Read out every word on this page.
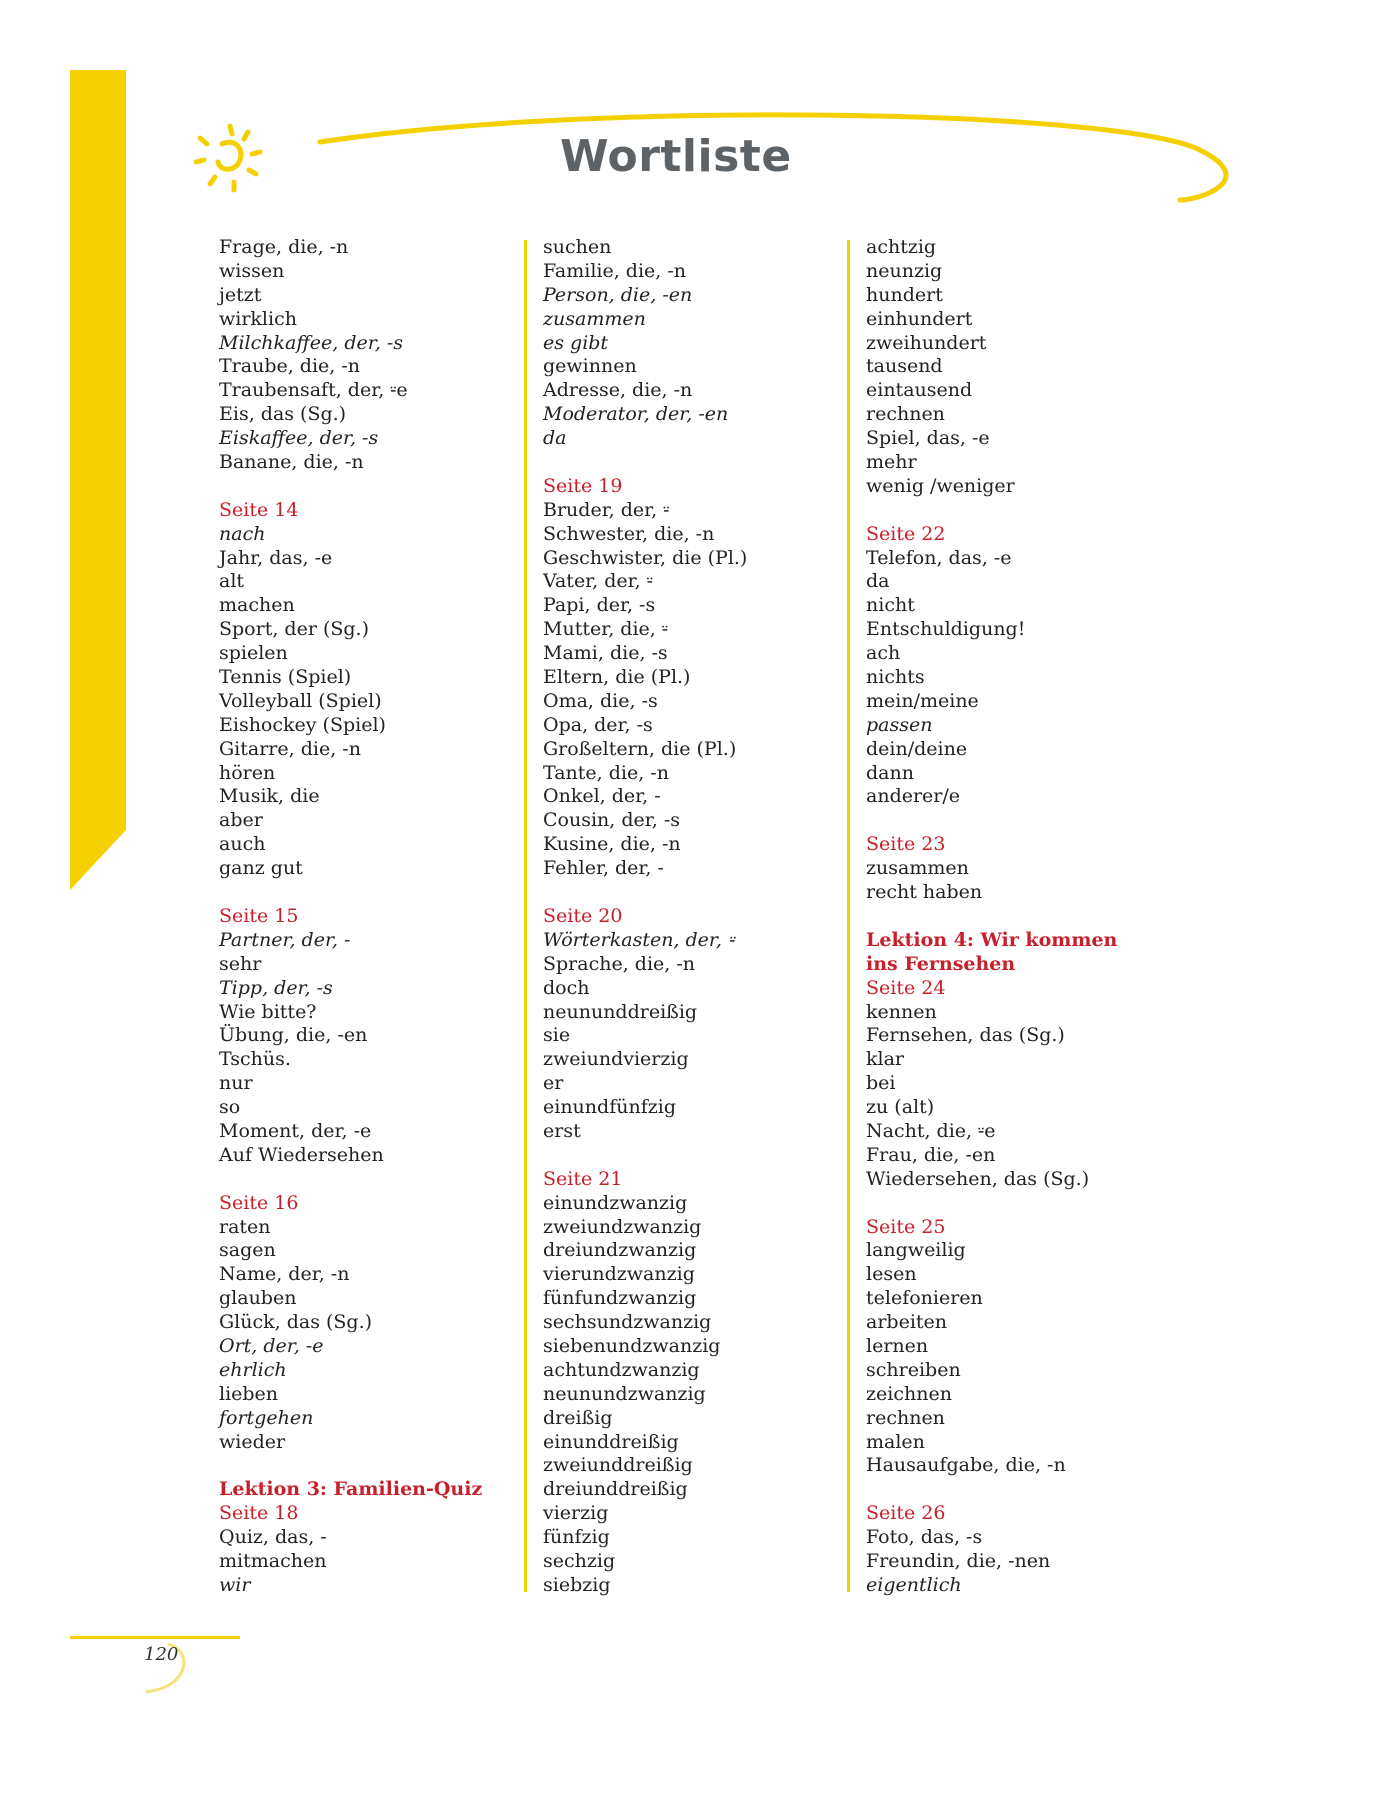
Wortliste
Frage, die, -n
wissen
jetzt
wirklich
Milchkaffee, der, -s
Traube, die, -n
Traubensaft, der, ⸚e
Eis, das (Sg.)
Eiskaffee, der, -s
Banane, die, -n
Seite 14
nach
Jahr, das, -e
alt
machen
Sport, der (Sg.)
spielen
Tennis (Spiel)
Volleyball (Spiel)
Eishockey (Spiel)
Gitarre, die, -n
hören
Musik, die
aber
auch
ganz gut
Seite 15
Partner, der, -
sehr
Tipp, der, -s
Wie bitte?
Übung, die, -en
Tschüs.
nur
so
Moment, der, -e
Auf Wiedersehen
Seite 16
raten
sagen
Name, der, -n
glauben
Glück, das (Sg.)
Ort, der, -e
ehrlich
lieben
fortgehen
wieder
Lektion 3: Familien-Quiz
Seite 18
Quiz, das, -
mitmachen
wir
suchen
Familie, die, -n
Person, die, -en
zusammen
es gibt
gewinnen
Adresse, die, -n
Moderator, der, -en
da
Seite 19
Bruder, der, ⸚
Schwester, die, -n
Geschwister, die (Pl.)
Vater, der, ⸚
Papi, der, -s
Mutter, die, ⸚
Mami, die, -s
Eltern, die (Pl.)
Oma, die, -s
Opa, der, -s
Großeltern, die (Pl.)
Tante, die, -n
Onkel, der, -
Cousin, der, -s
Kusine, die, -n
Fehler, der, -
Seite 20
Wörterkasten, der, ⸚
Sprache, die, -n
doch
neununddreißig
sie
zweiundvierzig
er
einundfünfzig
erst
Seite 21
einundzwanzig
zweiundzwanzig
dreiundzwanzig
vierundzwanzig
fünfundzwanzig
sechsundzwanzig
siebenundzwanzig
achtundzwanzig
neunundzwanzig
dreißig
einunddreißig
zweiunddreißig
dreiunddreißig
vierzig
fünfzig
sechzig
siebzig
achtzig
neunzig
hundert
einhundert
zweihundert
tausend
eintausend
rechnen
Spiel, das, -e
mehr
wenig /weniger
Seite 22
Telefon, das, -e
da
nicht
Entschuldigung!
ach
nichts
mein/meine
passen
dein/deine
dann
anderer/e
Seite 23
zusammen
recht haben
Lektion 4: Wir kommen
ins Fernsehen
Seite 24
kennen
Fernsehen, das (Sg.)
klar
bei
zu (alt)
Nacht, die, ⸚e
Frau, die, -en
Wiedersehen, das (Sg.)
Seite 25
langweilig
lesen
telefonieren
arbeiten
lernen
schreiben
zeichnen
rechnen
malen
Hausaufgabe, die, -n
Seite 26
Foto, das, -s
Freundin, die, -nen
eigentlich
120
